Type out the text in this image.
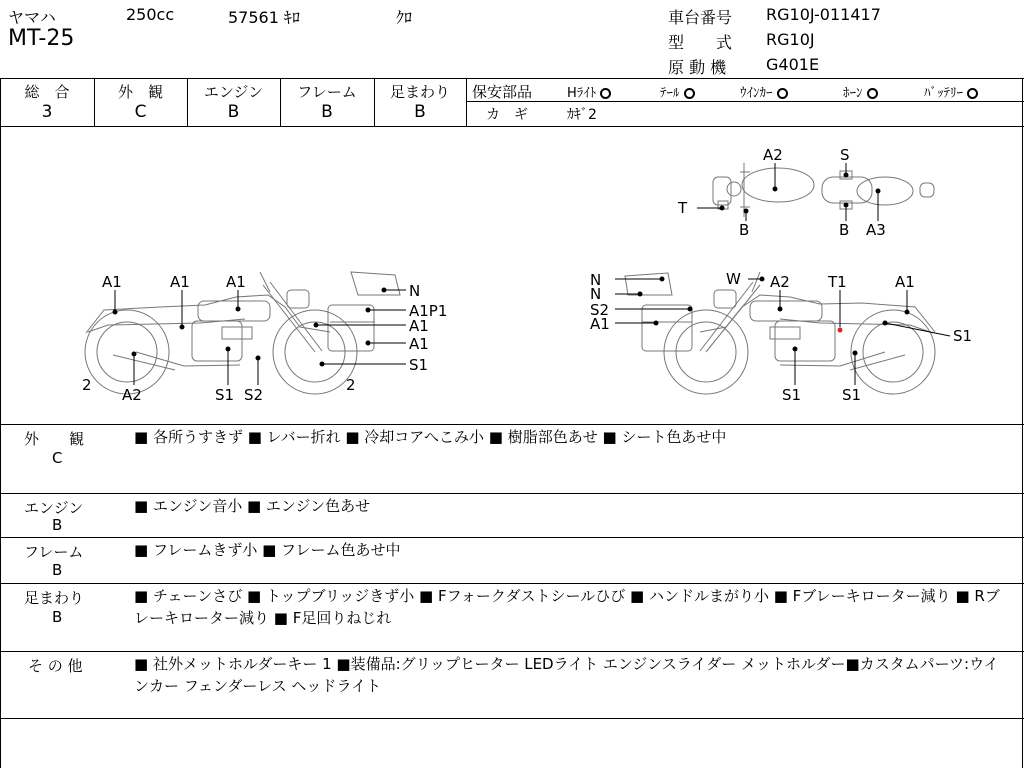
ヤマハ	250cc	57561 ｷﾛ	ｸﾛ
MT-25
車台番号 RG10J-011417
型　　式 RG10J
原 動 機 G401E
総　合
3
外　観
C
エンジン
B
フレーム
B
足まわり
B
保安部品	Hﾗｲﾄ	ﾃｰﾙ	ｳｲﾝｶｰ	ﾎｰﾝ	ﾊﾞｯﾃﾘｰ
カ　ギ	ｶｷﾞ2
A2	S
T
B	B A3
A1	A1 A1	N
A1P1
A1
A1
S1
2
A2	S1 S2
2
N
N
S2
A1
W A2	T1	A1
S1
S1	S1
外　　観
C
■ 各所うすきず ■ レバー折れ ■ 冷却コアへこみ小 ■ 樹脂部色あせ ■ シート色あせ中
エンジン
B
■ エンジン音小 ■ エンジン色あせ
フレーム
B
■ フレームきず小 ■ フレーム色あせ中
足まわり
B
■ チェーンさび ■ トップブリッジきず小 ■ Fフォークダストシールひび ■ ハンドルまがり小 ■ Fブレーキローター減り ■ Rブレーキローター減り ■ F足回りねじれ
そ の 他	■ 社外メットホルダーキー 1 ■装備品:グリップヒーター LEDライト エンジンスライダー メットホルダー■カスタムパーツ:ウインカー フェンダーレス ヘッドライト
